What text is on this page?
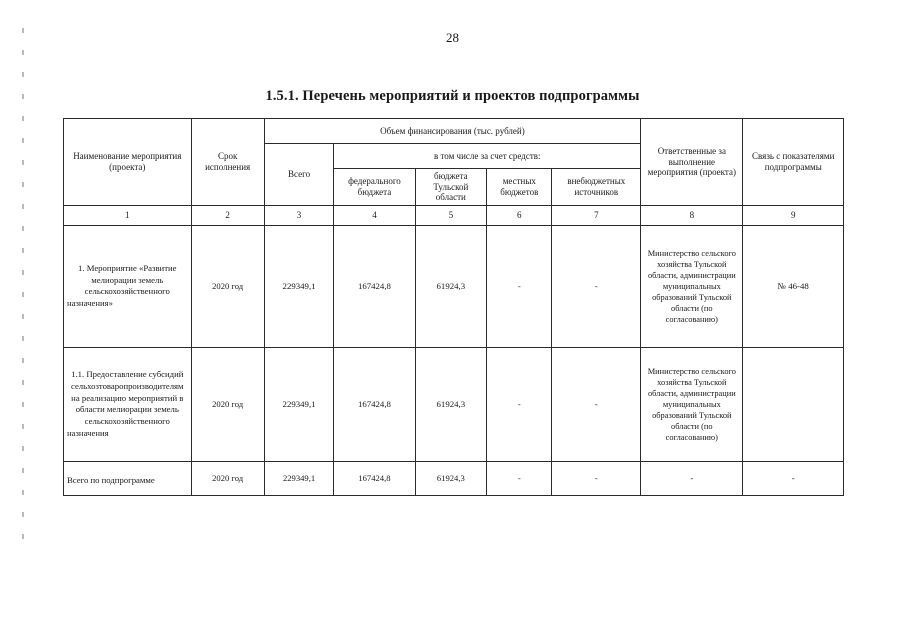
28
1.5.1. Перечень мероприятий и проектов подпрограммы
Наименование мероприятия (проекта)	Срок исполнения	Объем финансирования (тыс. рублей)					Ответственные за выполнение мероприятия (проекта)	Связь с показателями подпрограммы
		Всего	в том числе за счет средств:					
			федерального бюджета	бюджета Тульской области	местных бюджетов	внебюджетных источников		
1	2	3	4	5	6	7	8	9
1. Мероприятие «Развитие мелиорации земель сельскохозяйственного назначения»	2020 год	229349,1	167424,8	61924,3	-	-	Министерство сельского хозяйства Тульской области, администрации муниципальных образований Тульской области (по согласованию)	№ 46-48
1.1. Предоставление субсидий сельхозтоваропроизводителям на реализацию мероприятий в области мелиорации земель сельскохозяйственного назначения	2020 год	229349,1	167424,8	61924,3	-	-	Министерство сельского хозяйства Тульской области, администрации муниципальных образований Тульской области (по согласованию)	
Всего по подпрограмме	2020 год	229349,1	167424,8	61924,3	-	-	-	-
